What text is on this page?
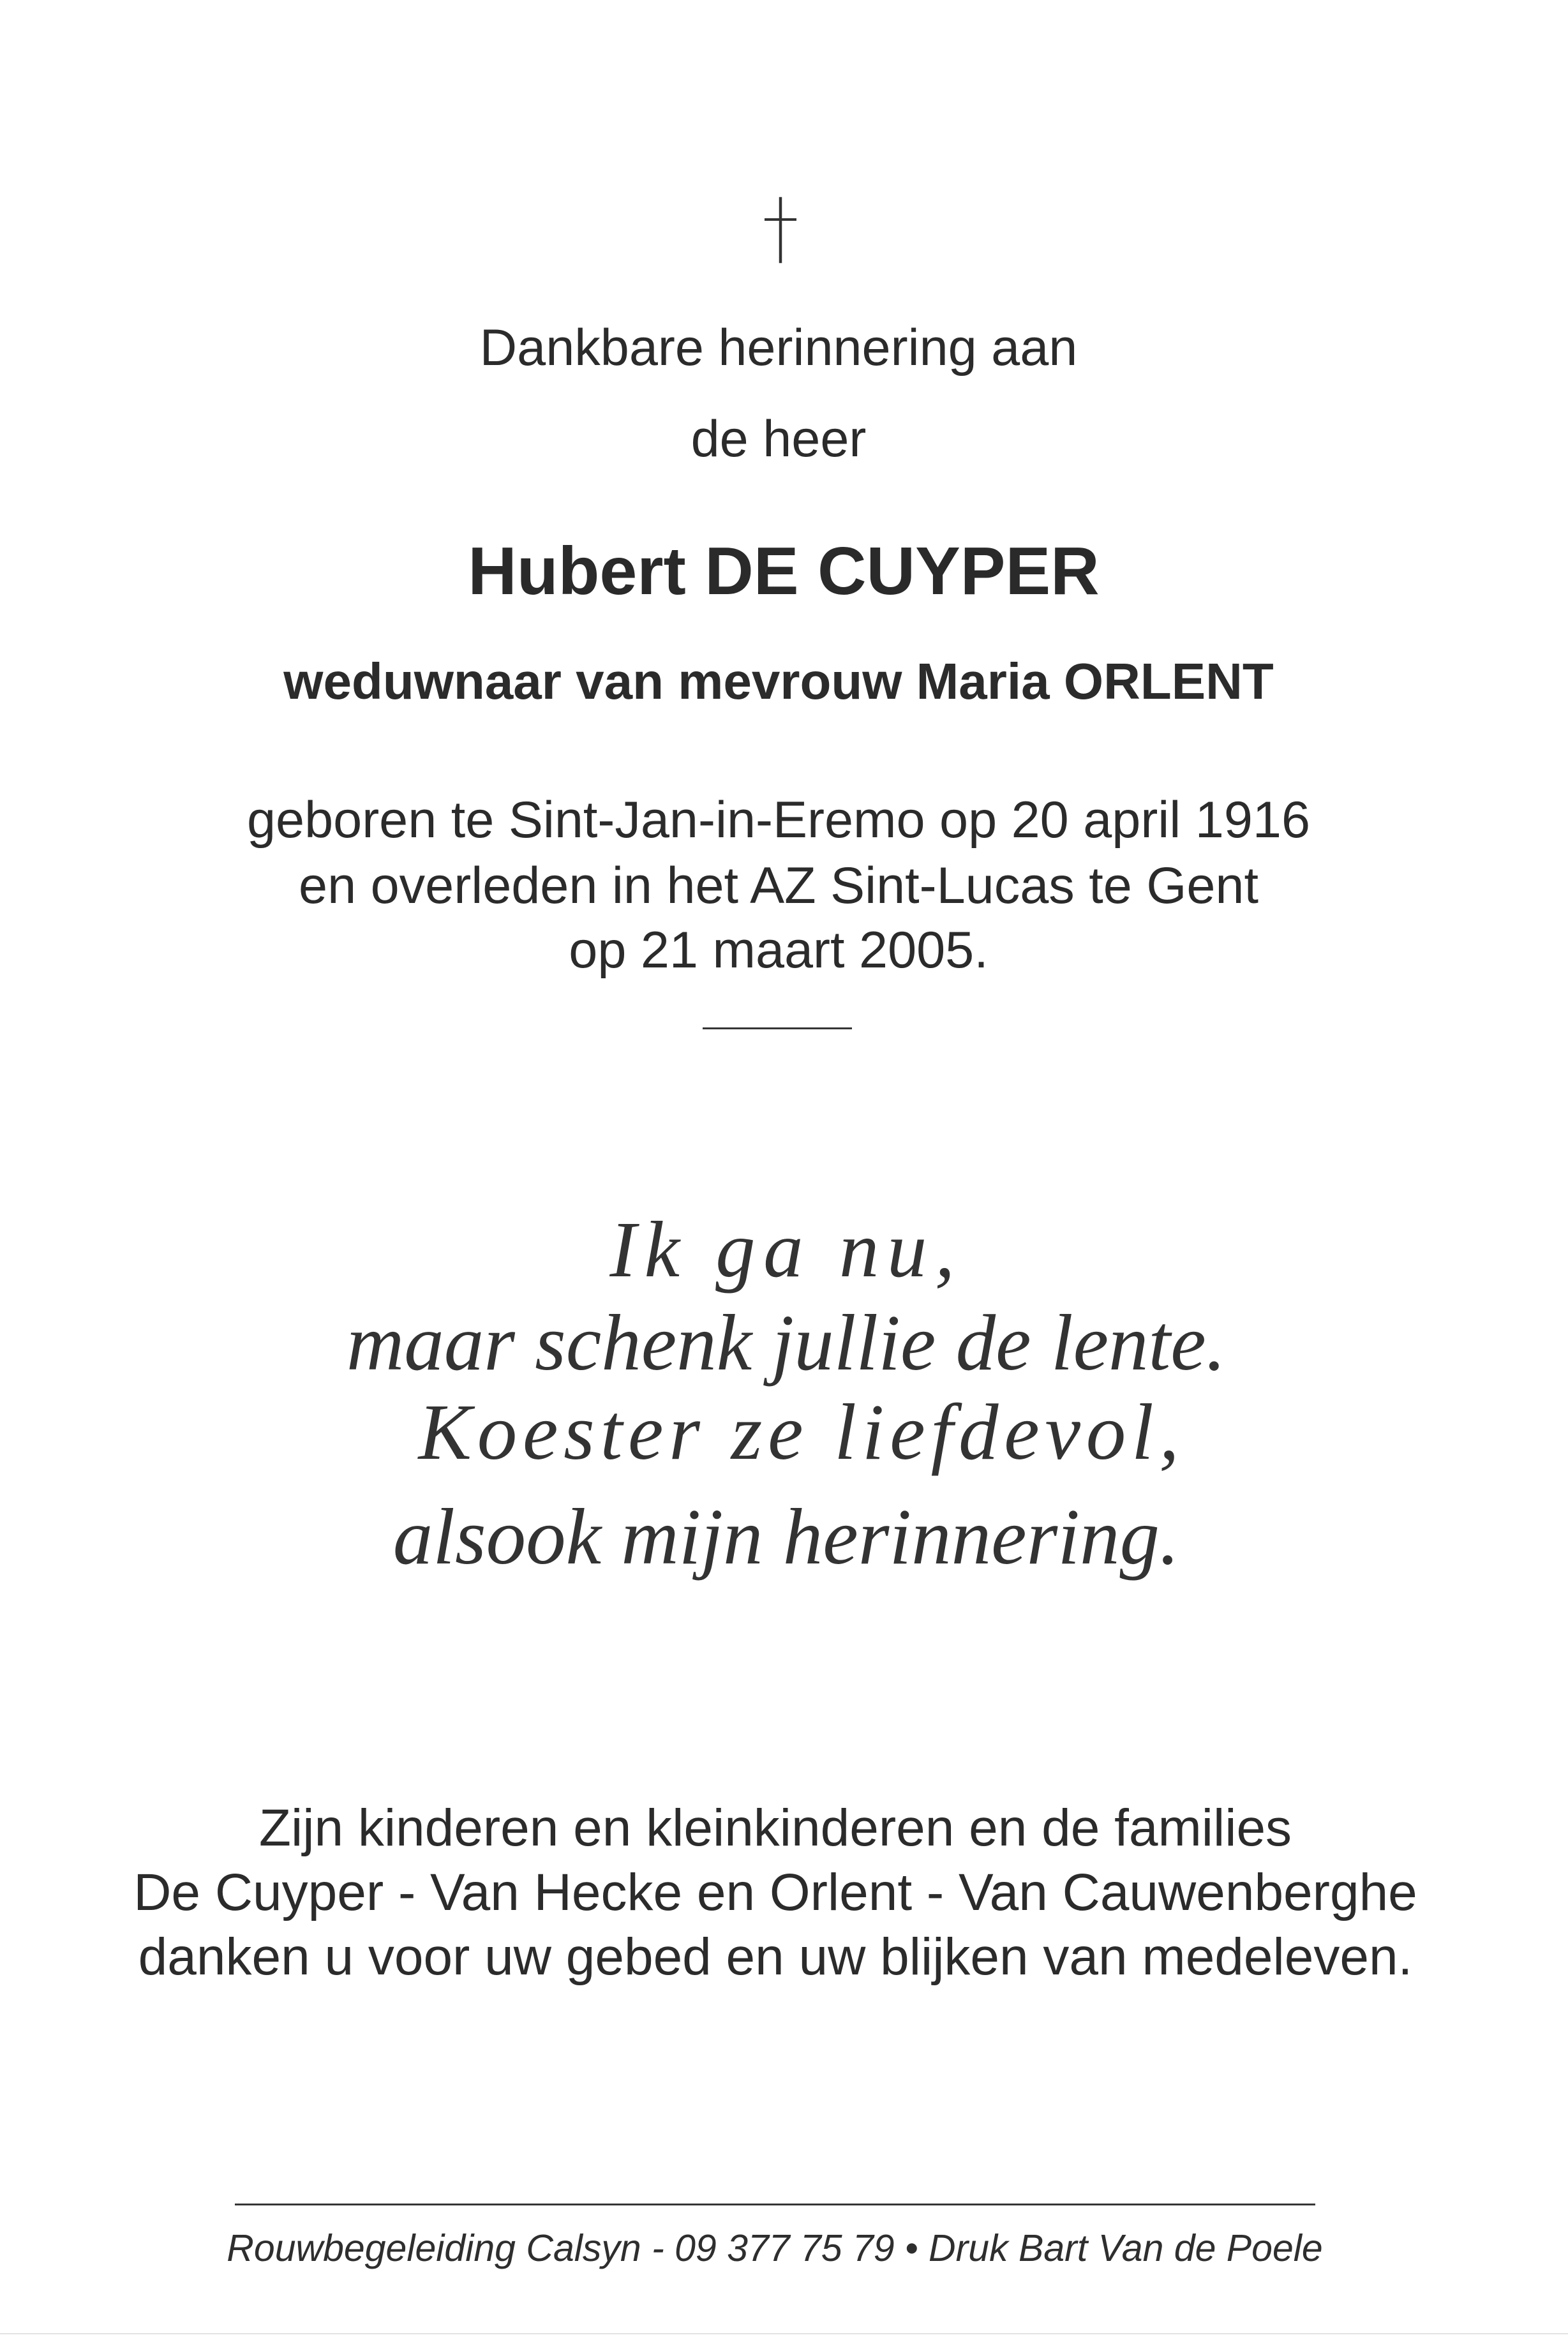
Dankbare herinnering aan
de heer
Hubert DE CUYPER
weduwnaar van mevrouw Maria ORLENT
geboren te Sint-Jan-in-Eremo op 20 april 1916
en overleden in het AZ Sint-Lucas te Gent
op 21 maart 2005.
Ik ga nu,
maar schenk jullie de lente.
Koester ze liefdevol,
alsook mijn herinnering.
Zijn kinderen en kleinkinderen en de families
De Cuyper - Van Hecke en Orlent - Van Cauwenberghe
danken u voor uw gebed en uw blijken van medeleven.
Rouwbegeleiding Calsyn - 09 377 75 79 • Druk Bart Van de Poele
